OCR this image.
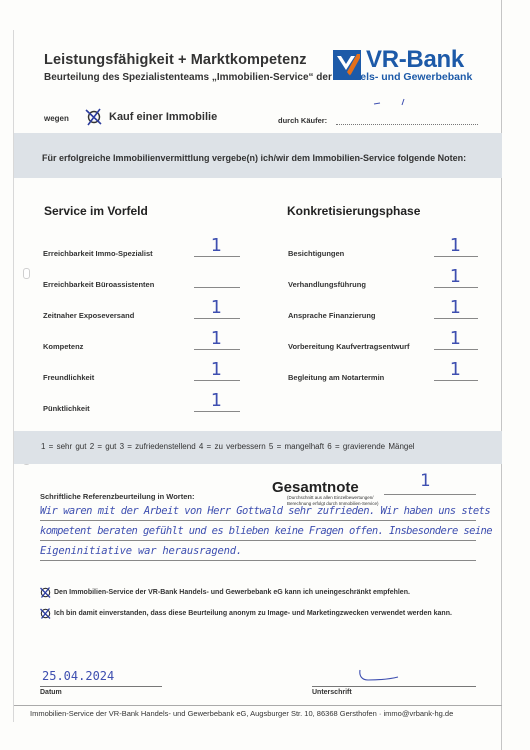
Leistungsfähigkeit + Marktkompetenz
Beurteilung des Spezialistenteams „Immobilien-Service“ der
VR-Bank
Handels- und Gewerbebank
wegen	Kauf einer Immobilie	durch Käufer:
Für erfolgreiche Immobilienvermittlung vergebe(n) ich/wir dem Immobilien-Service folgende Noten:
Service im Vorfeld
Erreichbarkeit Immo-Spezialist	1
Erreichbarkeit Büroassistenten
Zeitnaher Exposeversand	1
Kompetenz	1
Freundlichkeit	1
Pünktlichkeit	1
Konkretisierungsphase
Besichtigungen	1
Verhandlungsführung	1
Ansprache Finanzierung	1
Vorbereitung Kaufvertragsentwurf	1
Begleitung am Notartermin	1
1 = sehr gut 2 = gut 3 = zufriedenstellend 4 = zu verbessern 5 = mangelhaft 6 = gravierende Mängel
Gesamtnote
(Durchschnitt aus allen Einzelbewertungen/ Berechnung erfolgt durch Immobilien-Service)
1
Schriftliche Referenzbeurteilung in Worten:
Wir waren mit der Arbeit von Herr Gottwald sehr zufrieden. Wir haben uns stets
kompetent beraten gefühlt und es blieben keine Fragen offen. Insbesondere seine
Eigeninitiative war herausragend.
Den Immobilien-Service der VR-Bank Handels- und Gewerbebank eG kann ich uneingeschränkt empfehlen.
Ich bin damit einverstanden, dass diese Beurteilung anonym zu Image- und Marketingzwecken verwendet werden kann.
25.04.2024
Datum	Unterschrift
Immobilien-Service der VR-Bank Handels- und Gewerbebank eG, Augsburger Str. 10, 86368 Gersthofen · immo@vrbank-hg.de
